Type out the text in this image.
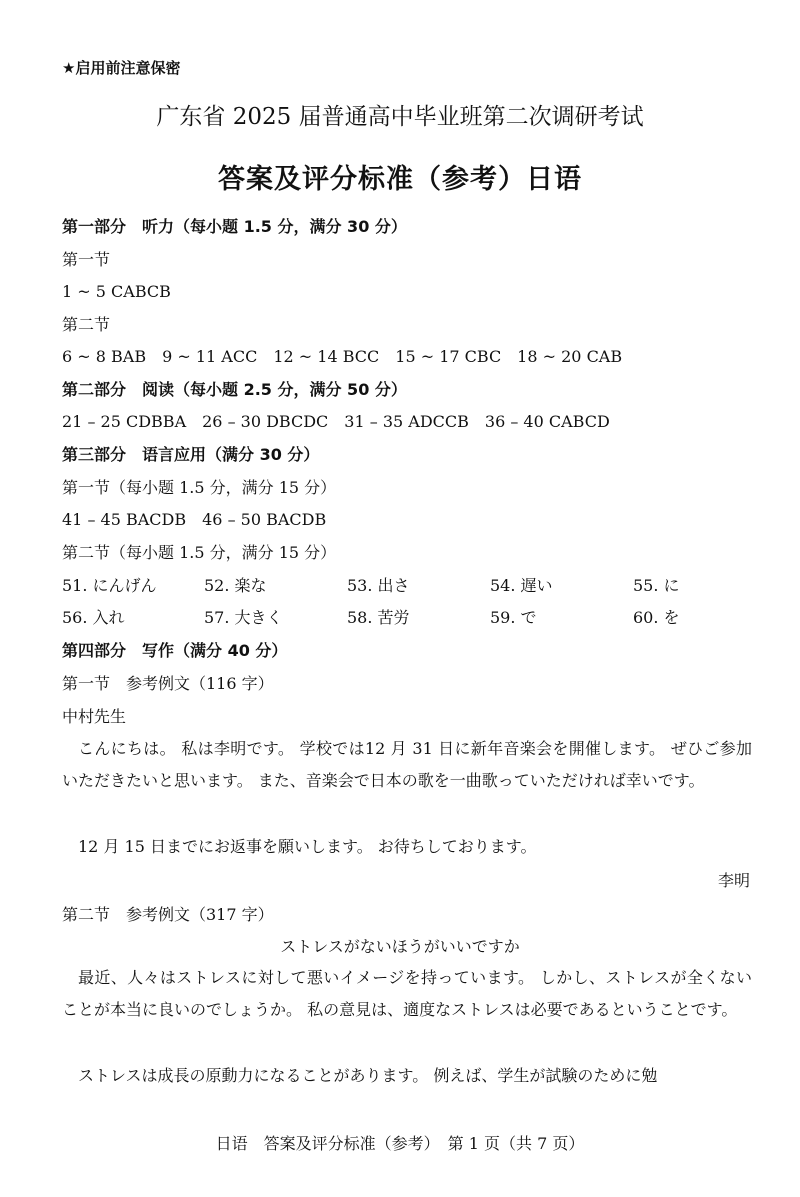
★启用前注意保密
广东省 2025 届普通高中毕业班第二次调研考试
答案及评分标准（参考）日语
第一部分　听力（每小题 1.5 分，满分 30 分）
第一节
1 ~ 5 CABCB
第二节
6 ~ 8 BAB　9 ~ 11 ACC　12 ~ 14 BCC　15 ~ 17 CBC　18 ~ 20 CAB
第二部分　阅读（每小题 2.5 分，满分 50 分）
21 – 25 CDBBA　26 – 30 DBCDC　31 – 35 ADCCB　36 – 40 CABCD
第三部分　语言应用（满分 30 分）
第一节（每小题 1.5 分，满分 15 分）
41 – 45 BACDB　46 – 50 BACDB
第二节（每小题 1.5 分，满分 15 分）
51. にんげん	52. 楽な	53. 出さ	54. 遅い	55. に
56. 入れ	57. 大きく	58. 苦労	59. で	60. を
第四部分　写作（满分 40 分）
第一节　参考例文（116 字）
中村先生

こんにちは。 私は李明です。 学校では12 月 31 日に新年音楽会を開催します。 ぜひご参加いただきたいと思います。 また、音楽会で日本の歌を一曲歌っていただければ幸いです。

12 月 15 日までにお返事を願いします。 お待ちしております。

李明
第二节　参考例文（317 字）
ストレスがないほうがいいですか

最近、人々はストレスに対して悪いイメージを持っています。 しかし、ストレスが全くないことが本当に良いのでしょうか。 私の意見は、適度なストレスは必要であるということです。

ストレスは成長の原動力になることがあります。 例えば、学生が試験のために勉

日语　答案及评分标准（参考）　第 1 页（共 7 页）
